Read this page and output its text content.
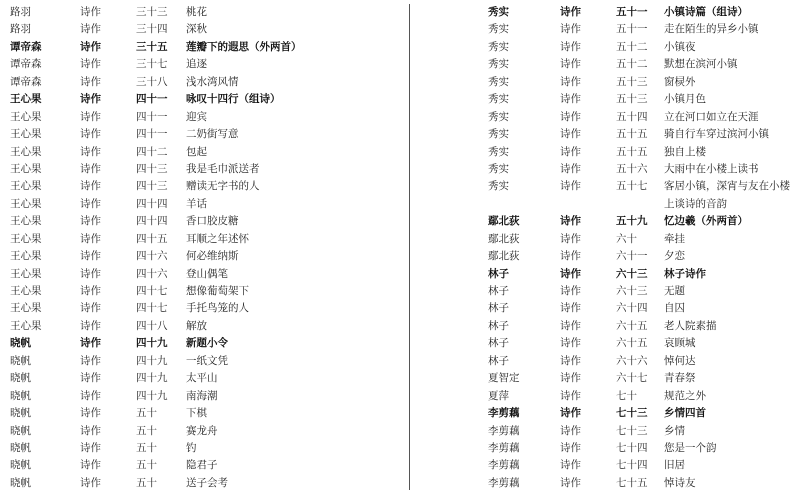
路羽	诗作	三十三 桃花
路羽	诗作	三十四 深秋
谭帝森	诗作	三十五 莲瓣下的遐思（外两首）
谭帝森	诗作	三十七 追逐
谭帝森	诗作	三十八 浅水湾风情
王心果	诗作	四十一 咏叹十四行（组诗）
王心果	诗作	四十一 迎宾
王心果	诗作	四十一 二奶街写意
王心果	诗作	四十二 包起
王心果	诗作	四十三 我是毛巾派送者
王心果	诗作	四十三 赠读无字书的人
王心果	诗作	四十四 羊话
王心果	诗作	四十四 香口胶皮糖
王心果	诗作	四十五 耳顺之年述怀
王心果	诗作	四十六 何必维纳斯
王心果	诗作	四十六 登山偶笔
王心果	诗作	四十七 想像葡萄架下
王心果	诗作	四十七 手托鸟笼的人
王心果	诗作	四十八 解放
晓帆	诗作	四十九 新题小令
晓帆	诗作	四十九 一纸文凭
晓帆	诗作	四十九 太平山
晓帆	诗作	四十九 南海潮
晓帆	诗作	五十	下棋
晓帆	诗作	五十	赛龙舟
晓帆	诗作	五十	钓
晓帆	诗作	五十	隐君子
晓帆	诗作	五十	送子会考
秀实	诗作	五十一 小镇诗篇（组诗）
秀实	诗作	五十一 走在陌生的异乡小镇
秀实	诗作	五十二 小镇夜
秀实	诗作	五十二 默想在滨河小镇
秀实	诗作	五十三 窗棂外
秀实	诗作	五十三 小镇月色
秀实	诗作	五十四 立在河口如立在天涯
秀实	诗作	五十五 骑自行车穿过滨河小镇
秀实	诗作	五十五 独自上楼
秀实	诗作	五十六 大雨中在小楼上读书
秀实	诗作	五十七 客居小镇，深宵与友在小楼
上谈诗的音韵
鄢北荻	诗作	五十九 忆边羲（外两首）
鄢北荻	诗作	六十	牵挂
鄢北荻	诗作	六十一 夕恋
林子	诗作	六十三 林子诗作
林子	诗作	六十三 无题
林子	诗作	六十四 自囚
林子	诗作	六十五 老人院素描
林子	诗作	六十五 哀顾城
林子	诗作	六十六 悼何达
夏智定	诗作	六十七 青春祭
夏萍	诗作	七十	规范之外
李剪藕	诗作	七十三 乡情四首
李剪藕	诗作	七十三 乡情
李剪藕	诗作	七十四 您是一个韵
李剪藕	诗作	七十四 旧居
李剪藕	诗作	七十五 悼诗友
